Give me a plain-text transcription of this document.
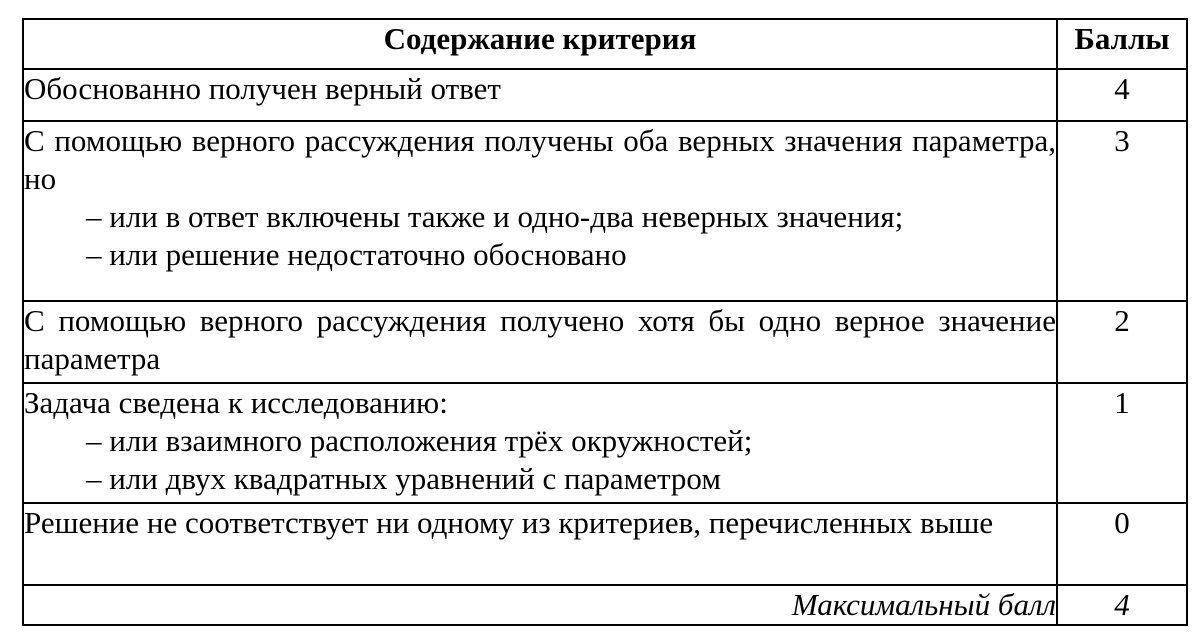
Содержание критерия	Баллы

Обоснованно получен верный ответ	4

С помощью верного рассуждения получены оба верных значения параметра, но
– или в ответ включены также и одно-два неверных значения;
– или решение недостаточно обосновано	3

С помощью верного рассуждения получено хотя бы одно верное значение параметра	2

Задача сведена к исследованию:
– или взаимного расположения трёх окружностей;
– или двух квадратных уравнений с параметром	1

Решение не соответствует ни одному из критериев, перечисленных выше	0
Максимальный балл	4
